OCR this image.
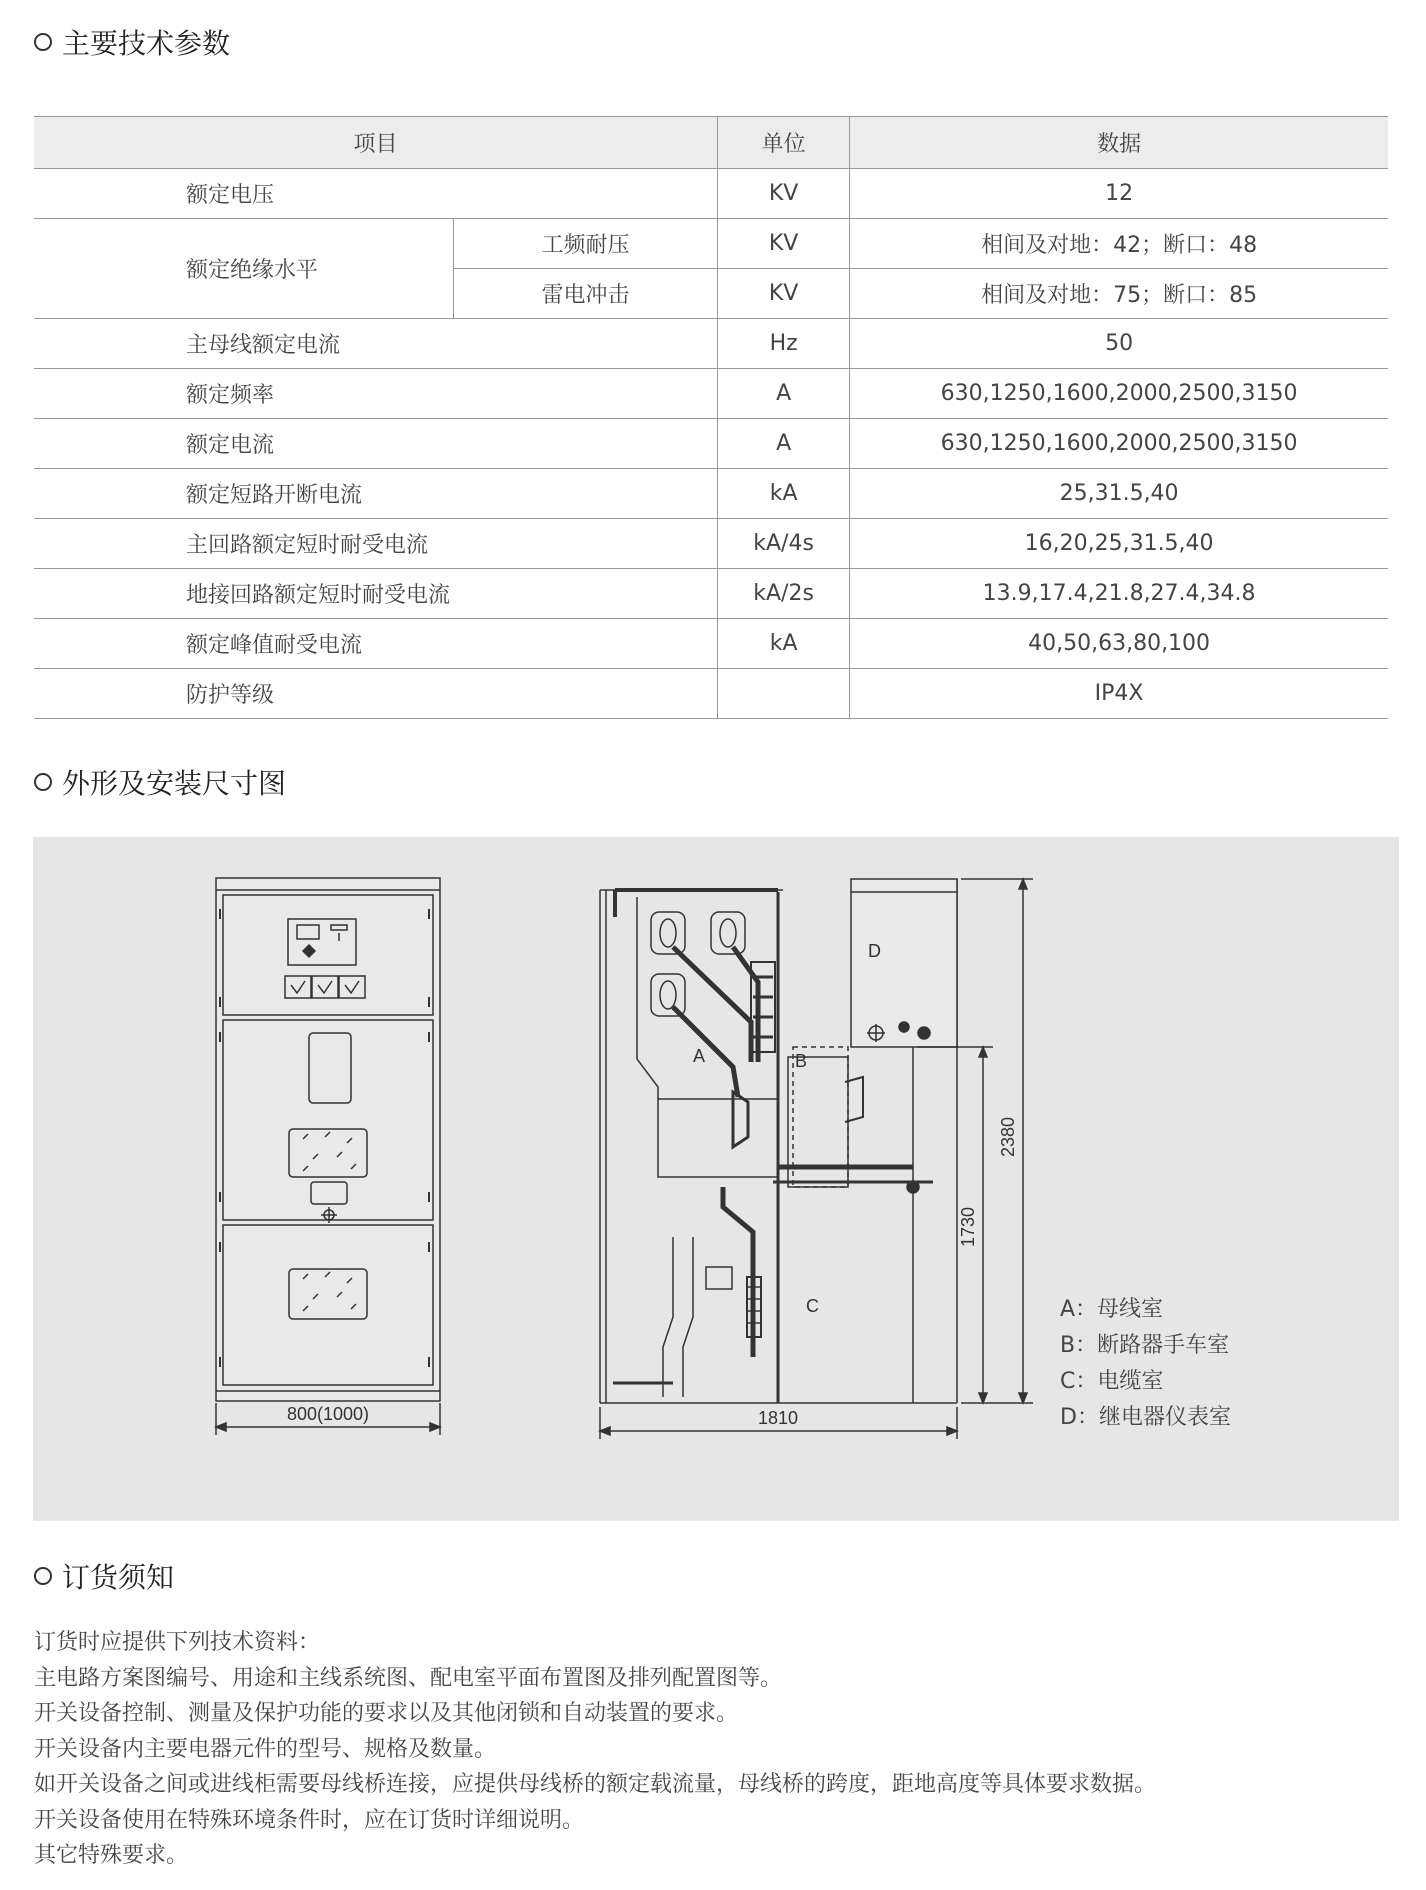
主要技术参数
项目		单位	数据
额定电压		KV	12
额定绝缘水平	工频耐压	KV	相间及对地：42；断口：48
	雷电冲击	KV	相间及对地：75；断口：85
主母线额定电流		Hz	50
额定频率		A	630,1250,1600,2000,2500,3150
额定电流		A	630,1250,1600,2000,2500,3150
额定短路开断电流		kA	25,31.5,40
主回路额定短时耐受电流		kA/4s	16,20,25,31.5,40
地接回路额定短时耐受电流		kA/2s	13.9,17.4,21.8,27.4,34.8
额定峰值耐受电流		kA	40,50,63,80,100
防护等级			IP4X
外形及安装尺寸图
800(1000)
A	B
C
D
1810
2380
1730
A：母线室
B：断路器手车室
C：电缆室
D：继电器仪表室
订货须知
订货时应提供下列技术资料：
主电路方案图编号、用途和主线系统图、配电室平面布置图及排列配置图等。
开关设备控制、测量及保护功能的要求以及其他闭锁和自动装置的要求。
开关设备内主要电器元件的型号、规格及数量。
如开关设备之间或进线柜需要母线桥连接，应提供母线桥的额定载流量，母线桥的跨度，距地高度等具体要求数据。
开关设备使用在特殊环境条件时，应在订货时详细说明。
其它特殊要求。
